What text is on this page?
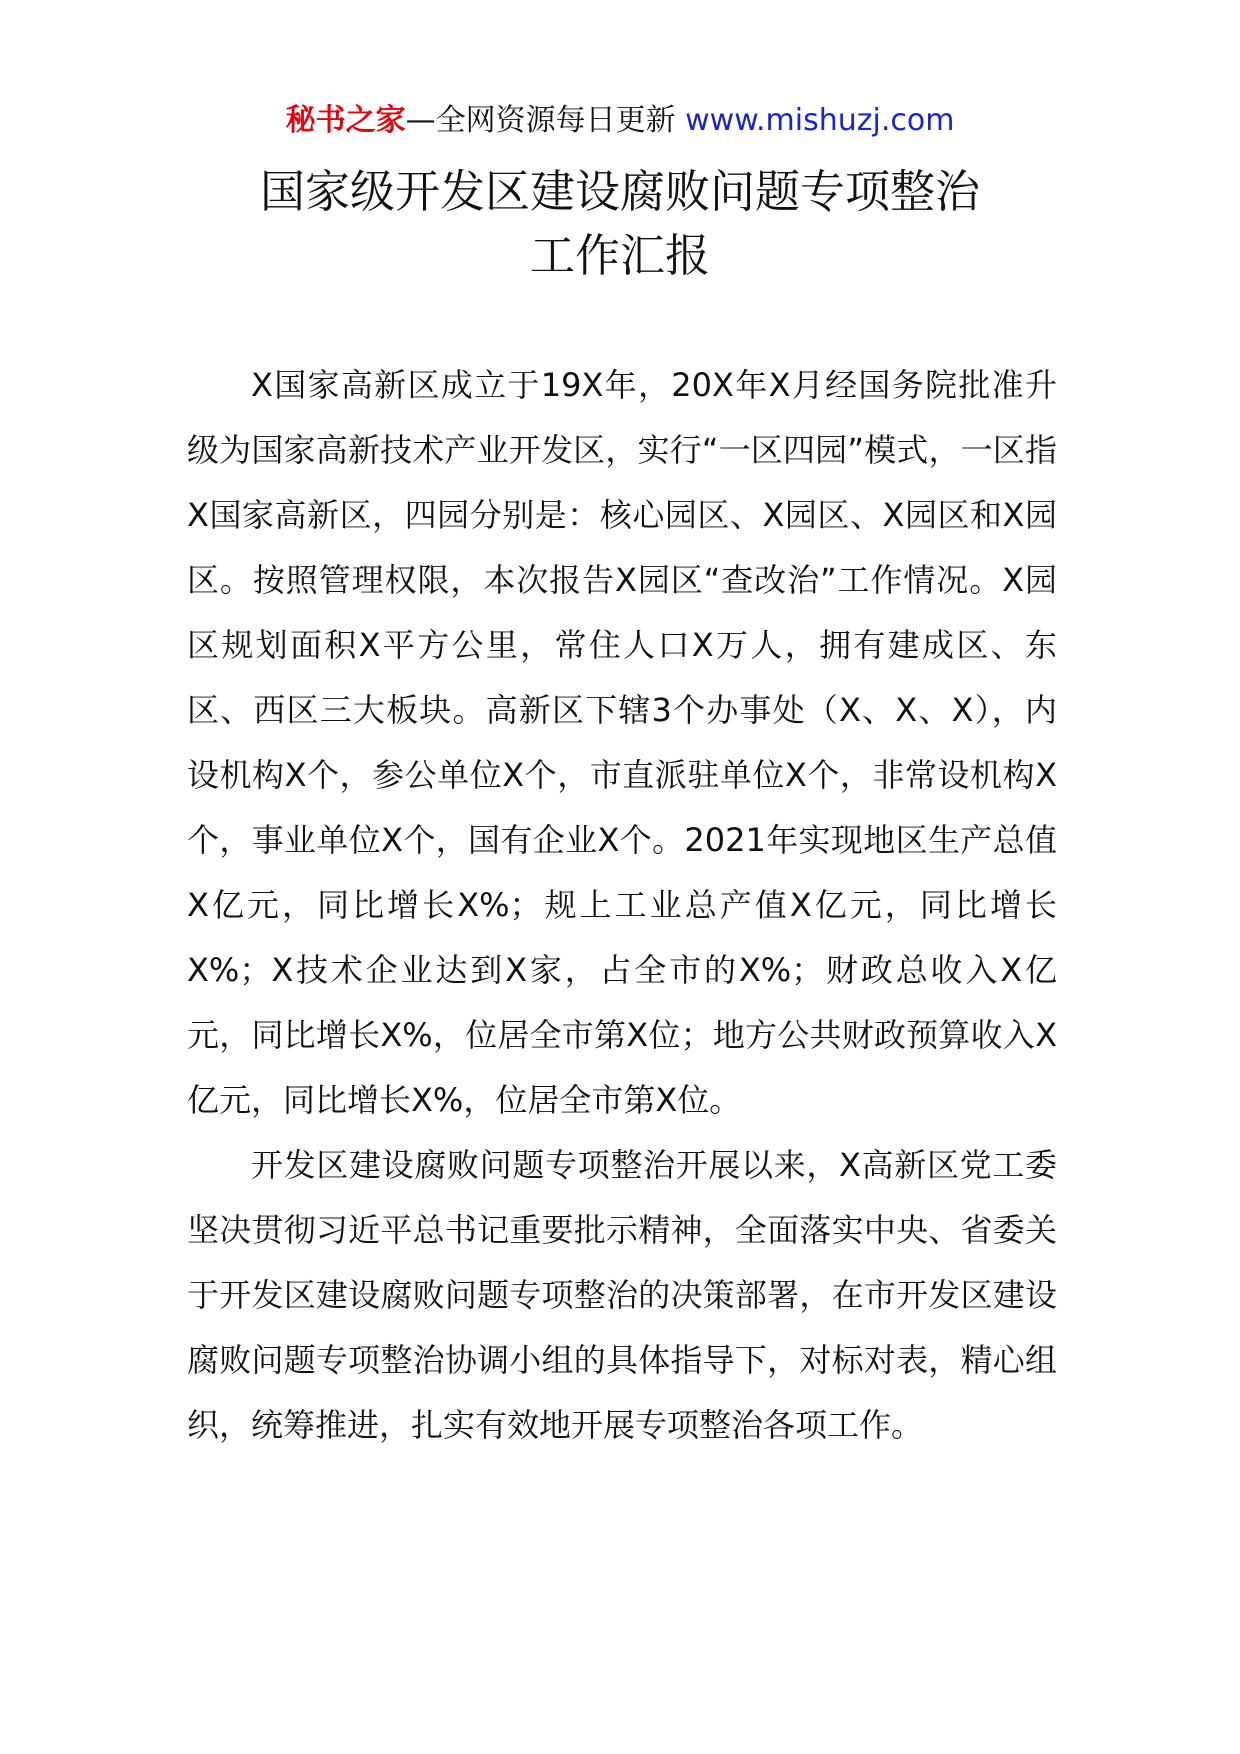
秘书之家—全网资源每日更新 www.mishuzj.com
国家级开发区建设腐败问题专项整治
工作汇报

X国家高新区成立于19X年，20X年X月经国务院批准升级为国家高新技术产业开发区，实行“一区四园”模式，一区指X国家高新区，四园分别是：核心园区、X园区、X园区和X园区。按照管理权限，本次报告X园区“查改治”工作情况。X园区规划面积X平方公里，常住人口X万人，拥有建成区、东区、西区三大板块。高新区下辖3个办事处（X、X、X），内设机构X个，参公单位X个，市直派驻单位X个，非常设机构X个，事业单位X个，国有企业X个。2021年实现地区生产总值X亿元，同比增长X%；规上工业总产值X亿元，同比增长X%；X技术企业达到X家，占全市的X%；财政总收入X亿元，同比增长X%，位居全市第X位；地方公共财政预算收入X亿元，同比增长X%，位居全市第X位。

开发区建设腐败问题专项整治开展以来，X高新区党工委坚决贯彻习近平总书记重要批示精神，全面落实中央、省委关于开发区建设腐败问题专项整治的决策部署，在市开发区建设腐败问题专项整治协调小组的具体指导下，对标对表，精心组织，统筹推进，扎实有效地开展专项整治各项工作。
